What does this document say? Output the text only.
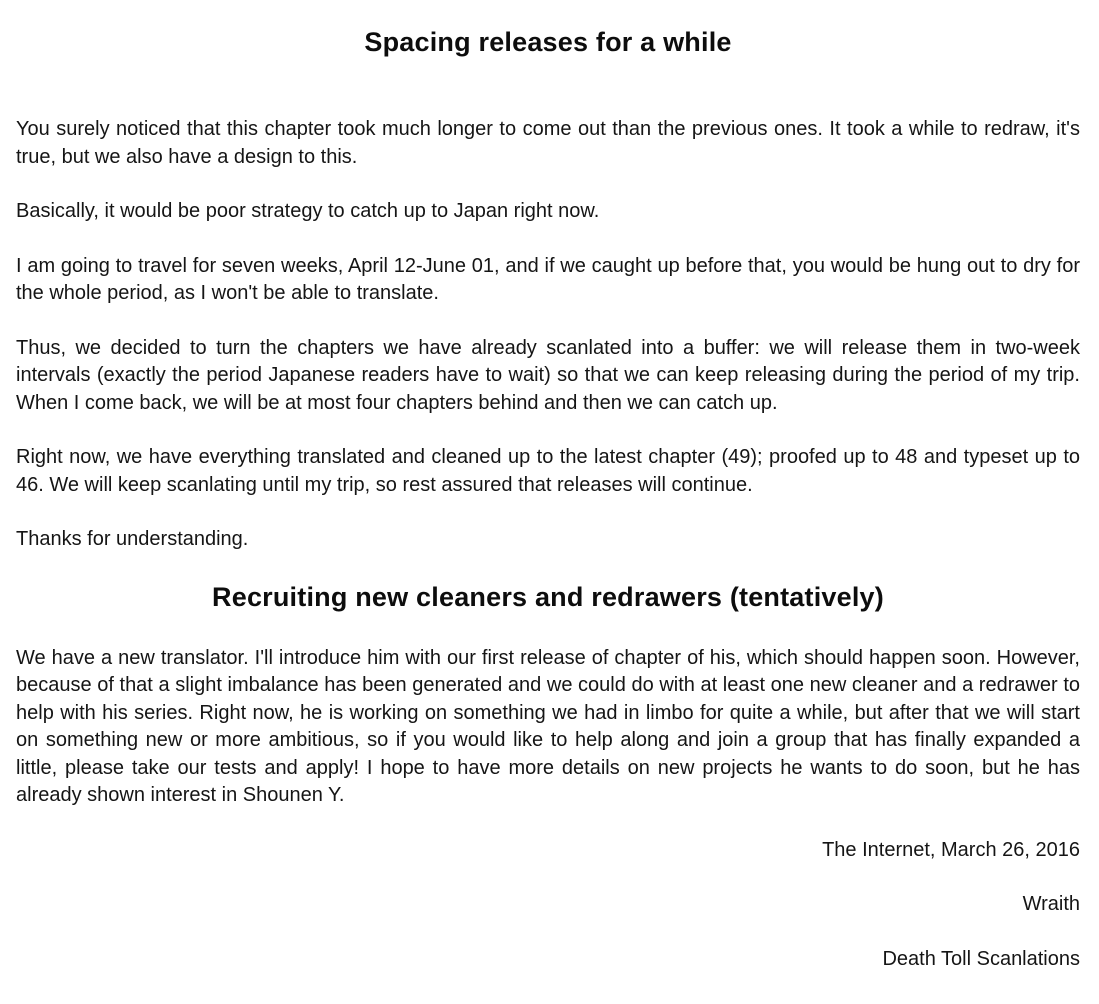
Spacing releases for a while

You surely noticed that this chapter took much longer to come out than the previous ones. It took a while to redraw, it's true, but we also have a design to this.

Basically, it would be poor strategy to catch up to Japan right now.

I am going to travel for seven weeks, April 12-June 01, and if we caught up before that, you would be hung out to dry for the whole period, as I won't be able to translate.

Thus, we decided to turn the chapters we have already scanlated into a buffer: we will release them in two-week intervals (exactly the period Japanese readers have to wait) so that we can keep releasing during the period of my trip. When I come back, we will be at most four chapters behind and then we can catch up.

Right now, we have everything translated and cleaned up to the latest chapter (49); proofed up to 48 and typeset up to 46. We will keep scanlating until my trip, so rest assured that releases will continue.

Thanks for understanding.

Recruiting new cleaners and redrawers (tentatively)

We have a new translator. I'll introduce him with our first release of chapter of his, which should happen soon. However, because of that a slight imbalance has been generated and we could do with at least one new cleaner and a redrawer to help with his series. Right now, he is working on something we had in limbo for quite a while, but after that we will start on something new or more ambitious, so if you would like to help along and join a group that has finally expanded a little, please take our tests and apply! I hope to have more details on new projects he wants to do soon, but he has already shown interest in Shounen Y.

The Internet, March 26, 2016

Wraith

Death Toll Scanlations
